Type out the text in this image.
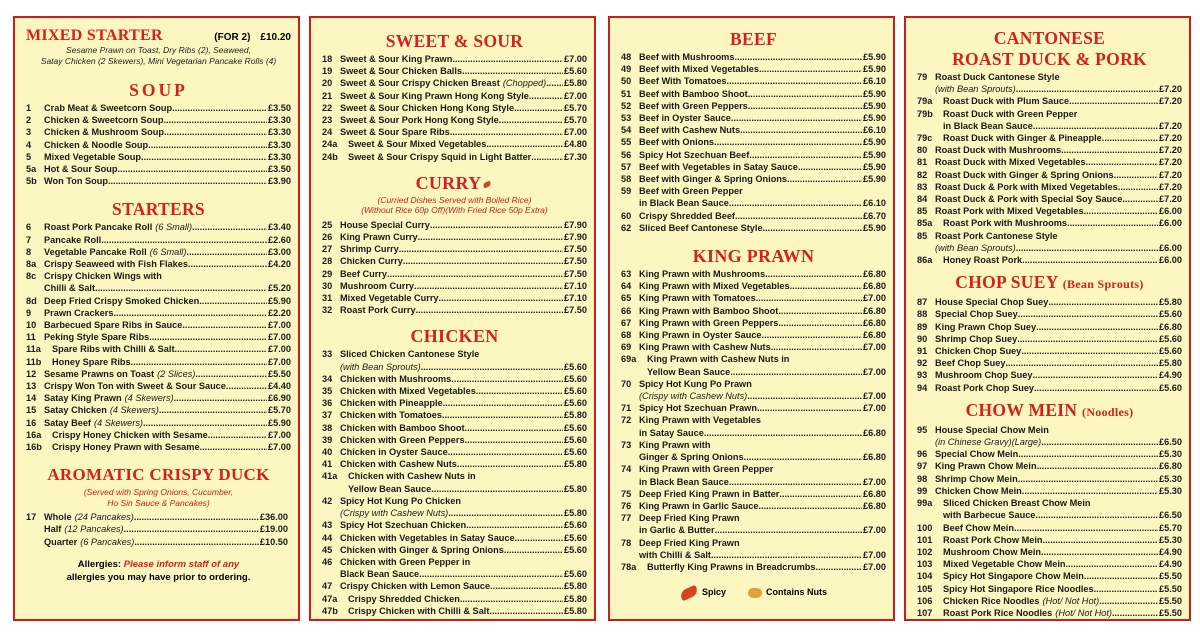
MIXED STARTER	(FOR 2) £10.20
Sesame Prawn on Toast, Dry Ribs (2), Seaweed,
Satay Chicken (2 Skewers), Mini Vegetarian Pancake Rolls (4)
SOUP
1	Crab Meat & Sweetcorn Soup .....	£3.50
2	Chicken & Sweetcorn Soup .....	£3.30
3	Chicken & Mushroom Soup .....	£3.30
4	Chicken & Noodle Soup .....	£3.30
5	Mixed Vegetable Soup .....	£3.30
5a Hot & Sour Soup .....	£3.50
5b Won Ton Soup .....	£3.90
STARTERS
6	Roast Pork Pancake Roll (6 Small) .....	£3.40
7	Pancake Roll .....	£2.60
8	Vegetable Pancake Roll (6 Small) .....	£3.00
8a Crispy Seaweed with Fish Flakes .....	£4.20
8c Crispy Chicken Wings with
Chilli & Salt .....	£5.20
8d Deep Fried Crispy Smoked Chicken .....	£5.90
9	Prawn Crackers .....	£2.20
10 Barbecued Spare Ribs in Sauce .....	£7.00
11 Peking Style Spare Ribs .....	£7.00
11a	Spare Ribs with Chilli & Salt .....	£7.00
11b	Honey Spare Ribs .....	£7.00
12 Sesame Prawns on Toast (2 Slices) .....	£5.50
13 Crispy Won Ton with Sweet & Sour Sauce .....	£4.40
14 Satay King Prawn (4 Skewers) .....	£6.90
15 Satay Chicken (4 Skewers) .....	£5.70
16 Satay Beef (4 Skewers) .....	£5.90
16a	Crispy Honey Chicken with Sesame .....	£7.00
16b	Crispy Honey Prawn with Sesame .....	£7.00
AROMATIC CRISPY DUCK
(Served with Spring Onions, Cucumber,
Ho Sin Sauce & Pancakes)
17 Whole (24 Pancakes) .....	£36.00
Half (12 Pancakes) .....	£19.00
Quarter (6 Pancakes) .....	£10.50
Allergies: Please inform staff of any
allergies you may have prior to ordering.
SWEET & SOUR
18 Sweet & Sour King Prawn .....	£7.00
19 Sweet & Sour Chicken Balls .....	£5.60
20 Sweet & Sour Crispy Chicken Breast (Chopped) ..... £5.80
21 Sweet & Sour King Prawn Hong Kong Style .....	£7.00
22 Sweet & Sour Chicken Hong Kong Style .....	£5.70
23 Sweet & Sour Pork Hong Kong Style .....	£5.70
24 Sweet & Sour Spare Ribs .....	£7.00
24a	Sweet & Sour Mixed Vegetables .....	£4.80
24b	Sweet & Sour Crispy Squid in Light Batter .....	£7.30
CURRY
(Curried Dishes Served with Boiled Rice)
(Without Rice 60p Off)(With Fried Rice 50p Extra)
25 House Special Curry .....	£7.90
26 King Prawn Curry .....	£7.90
27 Shrimp Curry .....	£7.50
28 Chicken Curry .....	£7.50
29 Beef Curry .....	£7.50
30 Mushroom Curry .....	£7.10
31 Mixed Vegetable Curry .....	£7.10
32 Roast Pork Curry .....	£7.50
CHICKEN
33 Sliced Chicken Cantonese Style
(with Bean Sprouts) .....	£5.60
34 Chicken with Mushrooms .....	£5.60
35 Chicken with Mixed Vegetables .....	£5.60
36 Chicken with Pineapple .....	£5.60
37 Chicken with Tomatoes .....	£5.80
38 Chicken with Bamboo Shoot .....	£5.60
39 Chicken with Green Peppers .....	£5.60
40 Chicken in Oyster Sauce .....	£5.60
41 Chicken with Cashew Nuts .....	£5.80
41a	Chicken with Cashew Nuts in
Yellow Bean Sauce .....	£5.80
42 Spicy Hot Kung Po Chicken
(Crispy with Cashew Nuts) .....	£5.80
43 Spicy Hot Szechuan Chicken .....	£5.60
44 Chicken with Vegetables in Satay Sauce .....	£5.60
45 Chicken with Ginger & Spring Onions .....	£5.60
46 Chicken with Green Pepper in
Black Bean Sauce .....	£5.60
47 Crispy Chicken with Lemon Sauce .....	£5.80
47a	Crispy Shredded Chicken .....	£5.80
47b	Crispy Chicken with Chilli & Salt .....	£5.80
.....
BEEF
48 Beef with Mushrooms .....	£5.90
49 Beef with Mixed Vegetables .....	£5.90
50 Beef With Tomatoes .....	£6.10
51 Beef with Bamboo Shoot .....	£5.90
52 Beef with Green Peppers .....	£5.90
53 Beef in Oyster Sauce .....	£5.90
54 Beef with Cashew Nuts .....	£6.10
55 Beef with Onions .....	£5.90
56 Spicy Hot Szechuan Beef .....	£5.90
57 Beef with Vegetables in Satay Sauce .....	£5.90
58 Beef with Ginger & Spring Onions .....	£5.90
59 Beef with Green Pepper
in Black Bean Sauce .....	£6.10
60 Crispy Shredded Beef .....	£6.70
62 Sliced Beef Cantonese Style .....	£5.90
KING PRAWN
63 King Prawn with Mushrooms .....	£6.80
64 King Prawn with Mixed Vegetables .....	£6.80
65 King Prawn with Tomatoes .....	£7.00
66 King Prawn with Bamboo Shoot .....	£6.80
67 King Prawn with Green Peppers .....	£6.80
68 King Prawn in Oyster Sauce .....	£6.80
69 King Prawn with Cashew Nuts .....	£7.00
69a	King Prawn with Cashew Nuts in
Yellow Bean Sauce .....	£7.00
70 Spicy Hot Kung Po Prawn
(Crispy with Cashew Nuts) .....	£7.00
71 Spicy Hot Szechuan Prawn .....	£7.00
72 King Prawn with Vegetables
in Satay Sauce .....	£6.80
73 King Prawn with
Ginger & Spring Onions .....	£6.80
74 King Prawn with Green Pepper
in Black Bean Sauce .....	£7.00
75 Deep Fried King Prawn in Batter .....	£6.80
76 King Prawn in Garlic Sauce .....	£6.80
77 Deep Fried King Prawn
in Garlic & Butter .....	£7.00
78 Deep Fried King Prawn
with Chilli & Salt .....	£7.00
78a	Butterfly King Prawns in Breadcrumbs .....	£7.00
Spicy	Contains Nuts
CANTONESE
ROAST DUCK & PORK
79 Roast Duck Cantonese Style
(with Bean Sprouts) .....	£7.20
79a	Roast Duck with Plum Sauce .....	£7.20
79b	Roast Duck with Green Pepper
in Black Bean Sauce .....	£7.20
79c	Roast Duck with Ginger & Pineapple .....	£7.20
80 Roast Duck with Mushrooms .....	£7.20
81 Roast Duck with Mixed Vegetables .....	£7.20
82 Roast Duck with Ginger & Spring Onions .....	£7.20
83 Roast Duck & Pork with Mixed Vegetables .....	£7.20
84 Roast Duck & Pork with Special Soy Sauce .....	£7.20
85 Roast Pork with Mixed Vegetables .....	£6.00
85a	Roast Pork with Mushrooms .....	£6.00
85 Roast Pork Cantonese Style
(with Bean Sprouts) .....	£6.00
86a	Honey Roast Pork .....	£6.00
CHOP SUEY (Bean Sprouts)
87 House Special Chop Suey .....	£5.80
88 Special Chop Suey .....	£5.60
89 King Prawn Chop Suey .....	£6.80
90 Shrimp Chop Suey .....	£5.60
91 Chicken Chop Suey .....	£5.60
92 Beef Chop Suey .....	£5.80
93 Mushroom Chop Suey .....	£4.90
94 Roast Pork Chop Suey .....	£5.60
CHOW MEIN (Noodles)
95 House Special Chow Mein
(in Chinese Gravy)(Large) .....	£6.50
96 Special Chow Mein .....	£5.30
97 King Prawn Chow Mein .....	£6.80
98 Shrimp Chow Mein .....	£5.30
99 Chicken Chow Mein .....	£5.30
99a	Sliced Chicken Breast Chow Mein
with Barbecue Sauce .....	£6.50
100	Beef Chow Mein .....	£5.70
101	Roast Pork Chow Mein .....	£5.30
102	Mushroom Chow Mein .....	£4.90
103	Mixed Vegetable Chow Mein .....	£4.90
104	Spicy Hot Singapore Chow Mein .....	£5.50
105	Spicy Hot Singapore Rice Noodles .....	£5.50
106	Chicken Rice Noodles (Hot/ Not Hot) .....	£5.50
107	Roast Pork Rice Noodles (Hot/ Not Hot) .....	£5.50
